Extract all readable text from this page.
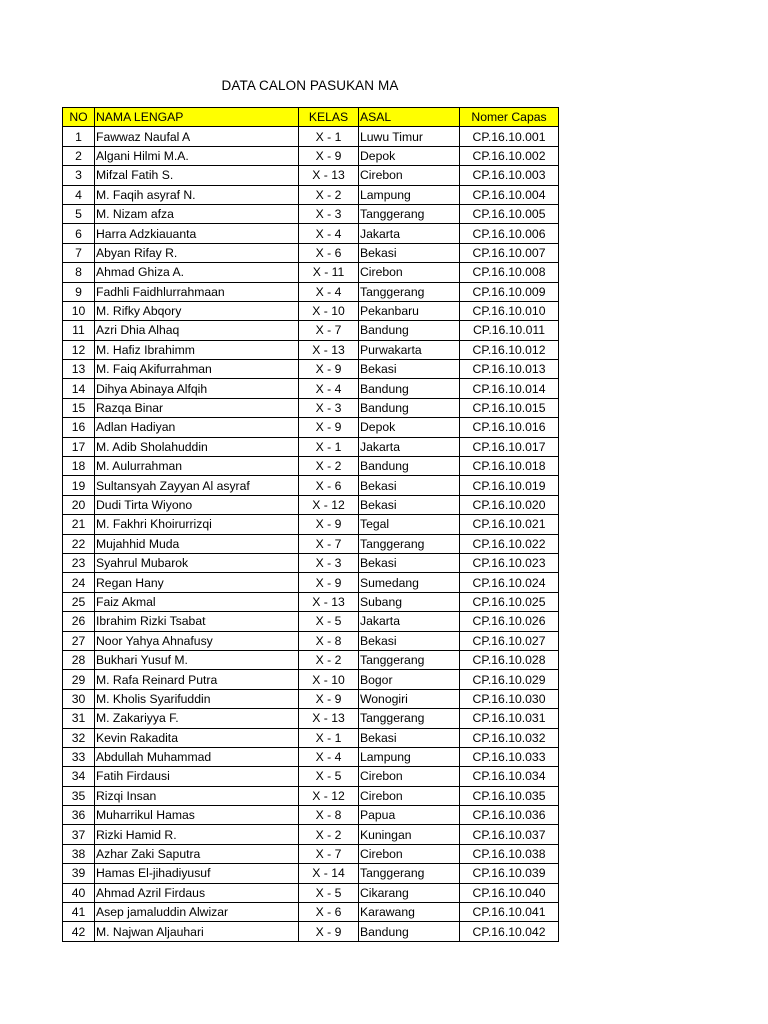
DATA CALON PASUKAN MA
NO	NAMA LENGAP	KELAS	ASAL	Nomer Capas
1	Fawwaz Naufal A	X - 1	Luwu Timur	CP.16.10.001
2	Algani Hilmi M.A.	X - 9	Depok	CP.16.10.002
3	Mifzal Fatih S.	X - 13	Cirebon	CP.16.10.003
4	M. Faqih asyraf N.	X - 2	Lampung	CP.16.10.004
5	M. Nizam afza	X - 3	Tanggerang	CP.16.10.005
6	Harra Adzkiauanta	X - 4	Jakarta	CP.16.10.006
7	Abyan Rifay R.	X - 6	Bekasi	CP.16.10.007
8	Ahmad Ghiza A.	X - 11	Cirebon	CP.16.10.008
9	Fadhli Faidhlurrahmaan	X - 4	Tanggerang	CP.16.10.009
10	M. Rifky Abqory	X - 10	Pekanbaru	CP.16.10.010
11	Azri Dhia Alhaq	X - 7	Bandung	CP.16.10.011
12	M. Hafiz Ibrahimm	X - 13	Purwakarta	CP.16.10.012
13	M. Faiq Akifurrahman	X - 9	Bekasi	CP.16.10.013
14	Dihya Abinaya Alfqih	X - 4	Bandung	CP.16.10.014
15	Razqa Binar	X - 3	Bandung	CP.16.10.015
16	Adlan Hadiyan	X - 9	Depok	CP.16.10.016
17	M. Adib Sholahuddin	X - 1	Jakarta	CP.16.10.017
18	M. Aulurrahman	X - 2	Bandung	CP.16.10.018
19	Sultansyah Zayyan Al asyraf	X - 6	Bekasi	CP.16.10.019
20	Dudi Tirta Wiyono	X - 12	Bekasi	CP.16.10.020
21	M. Fakhri Khoirurrizqi	X - 9	Tegal	CP.16.10.021
22	Mujahhid Muda	X - 7	Tanggerang	CP.16.10.022
23	Syahrul Mubarok	X - 3	Bekasi	CP.16.10.023
24	Regan Hany	X - 9	Sumedang	CP.16.10.024
25	Faiz Akmal	X - 13	Subang	CP.16.10.025
26	Ibrahim Rizki Tsabat	X - 5	Jakarta	CP.16.10.026
27	Noor Yahya Ahnafusy	X - 8	Bekasi	CP.16.10.027
28	Bukhari Yusuf M.	X - 2	Tanggerang	CP.16.10.028
29	M. Rafa Reinard Putra	X - 10	Bogor	CP.16.10.029
30	M. Kholis Syarifuddin	X - 9	Wonogiri	CP.16.10.030
31	M. Zakariyya F.	X - 13	Tanggerang	CP.16.10.031
32	Kevin Rakadita	X - 1	Bekasi	CP.16.10.032
33	Abdullah Muhammad	X - 4	Lampung	CP.16.10.033
34	Fatih Firdausi	X - 5	Cirebon	CP.16.10.034
35	Rizqi Insan	X - 12	Cirebon	CP.16.10.035
36	Muharrikul Hamas	X - 8	Papua	CP.16.10.036
37	Rizki Hamid R.	X - 2	Kuningan	CP.16.10.037
38	Azhar Zaki Saputra	X - 7	Cirebon	CP.16.10.038
39	Hamas El-jihadiyusuf	X - 14	Tanggerang	CP.16.10.039
40	Ahmad Azril Firdaus	X - 5	Cikarang	CP.16.10.040
41	Asep jamaluddin Alwizar	X - 6	Karawang	CP.16.10.041
42	M. Najwan Aljauhari	X - 9	Bandung	CP.16.10.042
